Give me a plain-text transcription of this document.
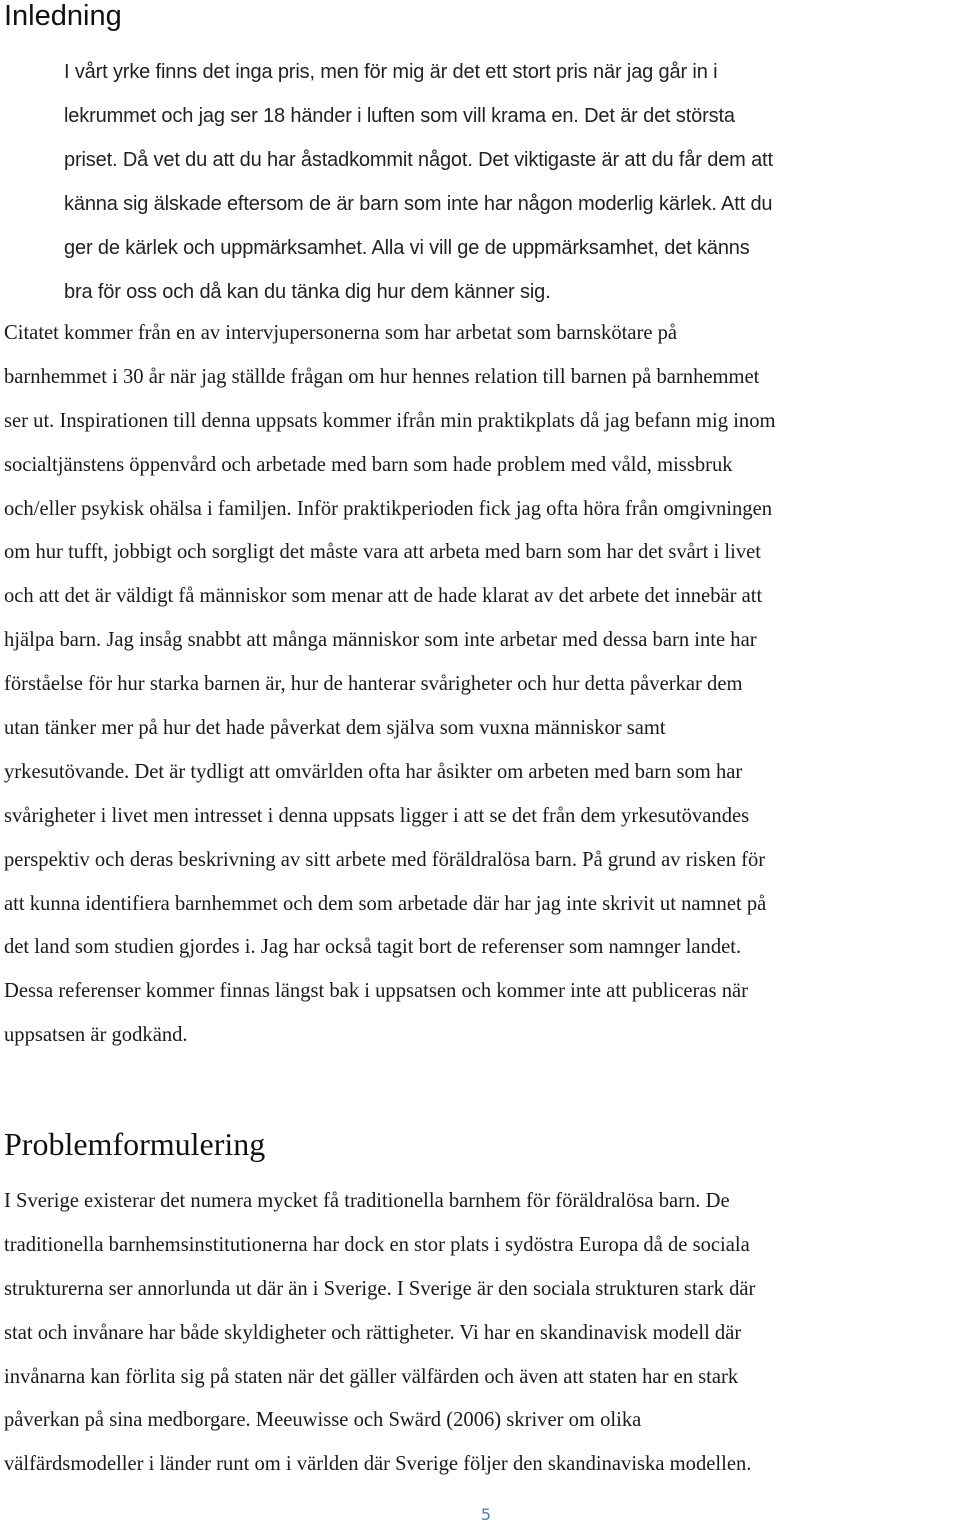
Inledning
I vårt yrke finns det inga pris, men för mig är det ett stort pris när jag går in i
lekrummet och jag ser 18 händer i luften som vill krama en. Det är det största
priset. Då vet du att du har åstadkommit något. Det viktigaste är att du får dem att
känna sig älskade eftersom de är barn som inte har någon moderlig kärlek. Att du
ger de kärlek och uppmärksamhet. Alla vi vill ge de uppmärksamhet, det känns
bra för oss och då kan du tänka dig hur dem känner sig.
Citatet kommer från en av intervjupersonerna som har arbetat som barnskötare på
barnhemmet i 30 år när jag ställde frågan om hur hennes relation till barnen på barnhemmet
ser ut. Inspirationen till denna uppsats kommer ifrån min praktikplats då jag befann mig inom
socialtjänstens öppenvård och arbetade med barn som hade problem med våld, missbruk
och/eller psykisk ohälsa i familjen. Inför praktikperioden fick jag ofta höra från omgivningen
om hur tufft, jobbigt och sorgligt det måste vara att arbeta med barn som har det svårt i livet
och att det är väldigt få människor som menar att de hade klarat av det arbete det innebär att
hjälpa barn. Jag insåg snabbt att många människor som inte arbetar med dessa barn inte har
förståelse för hur starka barnen är, hur de hanterar svårigheter och hur detta påverkar dem
utan tänker mer på hur det hade påverkat dem själva som vuxna människor samt
yrkesutövande. Det är tydligt att omvärlden ofta har åsikter om arbeten med barn som har
svårigheter i livet men intresset i denna uppsats ligger i att se det från dem yrkesutövandes
perspektiv och deras beskrivning av sitt arbete med föräldralösa barn. På grund av risken för
att kunna identifiera barnhemmet och dem som arbetade där har jag inte skrivit ut namnet på
det land som studien gjordes i. Jag har också tagit bort de referenser som namnger landet.
Dessa referenser kommer finnas längst bak i uppsatsen och kommer inte att publiceras när
uppsatsen är godkänd.
Problemformulering
I Sverige existerar det numera mycket få traditionella barnhem för föräldralösa barn. De
traditionella barnhemsinstitutionerna har dock en stor plats i sydöstra Europa då de sociala
strukturerna ser annorlunda ut där än i Sverige. I Sverige är den sociala strukturen stark där
stat och invånare har både skyldigheter och rättigheter. Vi har en skandinavisk modell där
invånarna kan förlita sig på staten när det gäller välfärden och även att staten har en stark
påverkan på sina medborgare. Meeuwisse och Swärd (2006) skriver om olika
välfärdsmodeller i länder runt om i världen där Sverige följer den skandinaviska modellen.
5
